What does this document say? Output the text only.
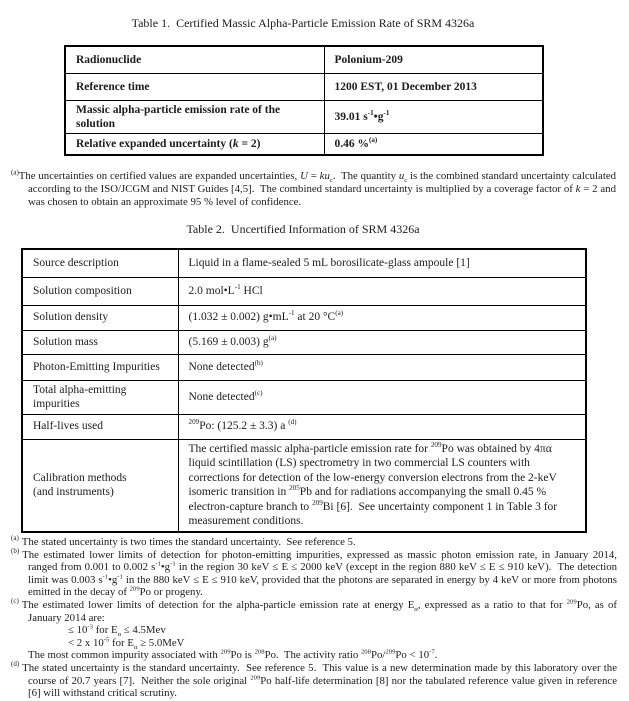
Table 1.  Certified Massic Alpha-Particle Emission Rate of SRM 4326a
Radionuclide	Polonium-209
Reference time	1200 EST, 01 December 2013
Massic alpha-particle emission rate of the solution	39.01 $s^{-1}•g^{-1}$
Relative expanded uncertainty (k = 2)	0.46 %$^{(a)}$
$^{(a)}$The uncertainties on certified values are expanded uncertainties, $U = ku_c$.  The quantity $u_c$ is the combined standard uncertainty calculated according to the ISO/JCGM and NIST Guides [4,5].  The combined standard uncertainty is multiplied by a coverage factor of k = 2 and was chosen to obtain an approximate 95 % level of confidence.
Table 2.  Uncertified Information of SRM 4326a
Source description	Liquid in a flame-sealed 5 mL borosilicate-glass ampoule [1]
Solution composition	2.0 $mol•L^{-1}$ HCl
Solution density	(1.032 ± 0.002) $g•mL^{-1}$ at 20 $^\circ C^{(a)}$
Solution mass	(5.169 ± 0.003) $g^{(a)}$
Photon-Emitting Impurities	None detected$^{(b)}$
Total alpha-emitting impurities	None detected$^{(c)}$
Half-lives used	$^{209}$Po: (125.2 ± 3.3) a $^{(d)}$
Calibration methods
(and instruments)	The certified massic alpha-particle emission rate for $^{209}$Po was obtained by 4πα liquid scintillation (LS) spectrometry in two commercial LS counters with corrections for detection of the low-energy conversion electrons from the 2-keV isomeric transition in $^{205}$Pb and for radiations accompanying the small 0.45 % electron-capture branch to $^{209}$Bi [6].  See uncertainty component 1 in Table 3 for measurement conditions.
$^{(a)}$ The stated uncertainty is two times the standard uncertainty.  See reference 5.
$^{(b)}$ The estimated lower limits of detection for photon-emitting impurities, expressed as massic photon emission rate, in January 2014, ranged from 0.001 to 0.002 $s^{-1}•g^{-1}$ in the region 30 keV ≤ E ≤ 2000 keV (except in the region 880 keV ≤ E ≤ 910 keV).  The detection limit was 0.003 $s^{-1}•g^{-1}$ in the 880 keV ≤ E ≤ 910 keV, provided that the photons are separated in energy by 4 keV or more from photons emitted in the decay of $^{209}$Po or progeny.
$^{(c)}$ The estimated lower limits of detection for the alpha-particle emission rate at energy $E_\alpha$, expressed as a ratio to that for $^{209}$Po, as of January 2014 are:
≤ $10^{-3}$ for $E_\alpha \le 4.5Mev$
< 2 x $10^{-5}$ for $E_\alpha \ge 5.0MeV$
The most common impurity associated with $^{209}$Po is $^{208}$Po.  The activity ratio $^{208}Po/^{209}Po < 10^{-7}$.
$^{(d)}$ The stated uncertainty is the standard uncertainty.  See reference 5.  This value is a new determination made by this laboratory over the course of 20.7 years [7].  Neither the sole original $^{209}$Po half-life determination [8] nor the tabulated reference value given in reference [6] will withstand critical scrutiny.
